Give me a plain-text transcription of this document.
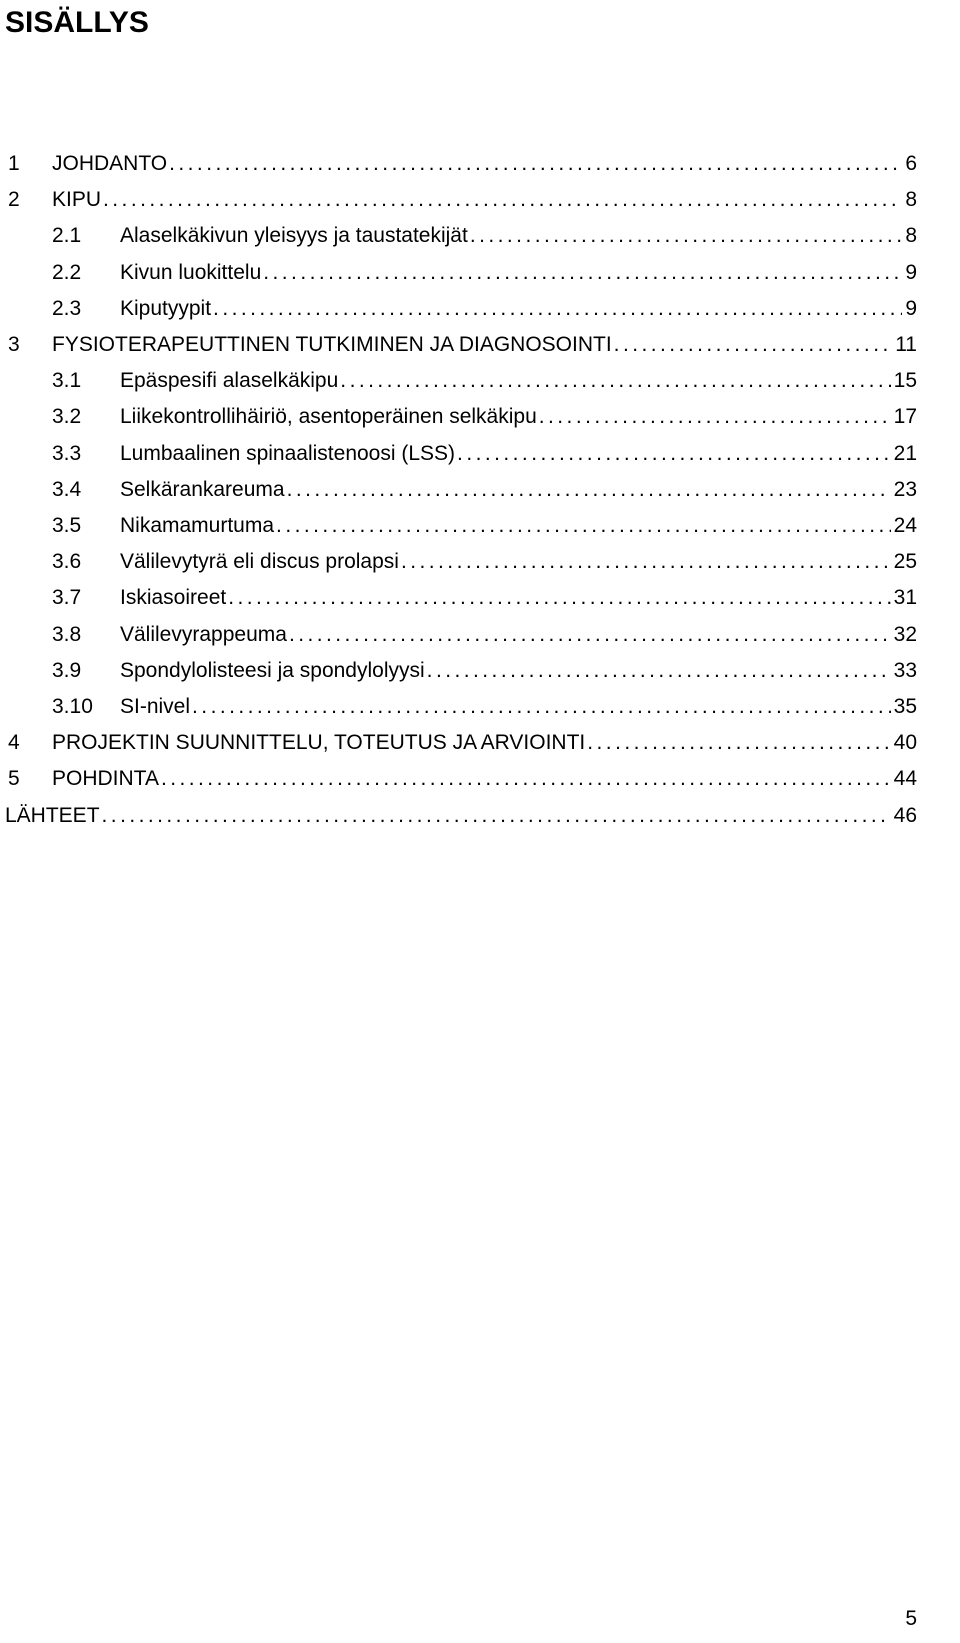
SISÄLLYS
1 JOHDANTO . . .	6
2 KIPU . . .	8
2.1 Alaselkäkivun yleisyys ja taustatekijät . . .	8
2.2 Kivun luokittelu . . .	9
2.3 Kiputyypit . . .	9
3 FYSIOTERAPEUTTINEN TUTKIMINEN JA DIAGNOSOINTI . . .	11
3.1 Epäspesifi alaselkäkipu . . .	15
3.2 Liikekontrollihäiriö, asentoperäinen selkäkipu . . .	17
3.3 Lumbaalinen spinaalistenoosi (LSS) . . .	21
3.4 Selkärankareuma . . .	23
3.5 Nikamamurtuma . . .	24
3.6 Välilevytyrä eli discus prolapsi . . .	25
3.7 Iskiasoireet . . .	31
3.8 Välilevyrappeuma . . .	32
3.9 Spondylolisteesi ja spondylolyysi . . .	33
3.10 SI-nivel . . .	35
4 PROJEKTIN SUUNNITTELU, TOTEUTUS JA ARVIOINTI . . .	40
5 POHDINTA . . .	44
LÄHTEET . . .	46
5
